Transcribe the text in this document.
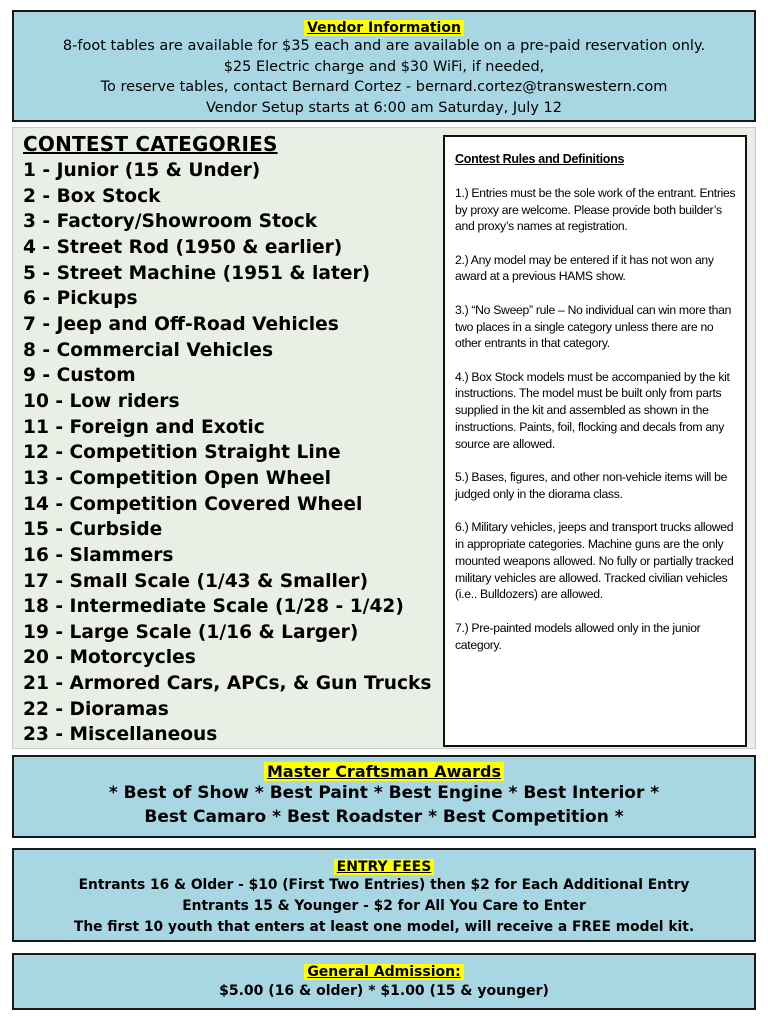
Vendor Information
8-foot tables are available for $35 each and are available on a pre-paid reservation only.
$25 Electric charge and $30 WiFi, if needed,
To reserve tables, contact Bernard Cortez - bernard.cortez@transwestern.com
Vendor Setup starts at 6:00 am Saturday, July 12
CONTEST CATEGORIES
1 - Junior (15 & Under)
2 - Box Stock
3 - Factory/Showroom Stock
4 - Street Rod (1950 & earlier)
5 - Street Machine (1951 & later)
6 - Pickups
7 - Jeep and Off-Road Vehicles
8 - Commercial Vehicles
9 - Custom
10 - Low riders
11 - Foreign and Exotic
12 - Competition Straight Line
13 - Competition Open Wheel
14 - Competition Covered Wheel
15 - Curbside
16 - Slammers
17 - Small Scale (1/43 & Smaller)
18 - Intermediate Scale (1/28 - 1/42)
19 - Large Scale (1/16 & Larger)
20 - Motorcycles
21 - Armored Cars, APCs, & Gun Trucks
22 - Dioramas
23 - Miscellaneous
Contest Rules and Definitions

1.) Entries must be the sole work of the entrant. Entries by proxy are welcome. Please provide both builder’s and proxy’s names at registration.

2.) Any model may be entered if it has not won any award at a previous HAMS show.

3.) “No Sweep” rule – No individual can win more than two places in a single category unless there are no other entrants in that category.

4.) Box Stock models must be accompanied by the kit instructions. The model must be built only from parts supplied in the kit and assembled as shown in the instructions. Paints, foil, flocking and decals from any source are allowed.

5.) Bases, figures, and other non-vehicle items will be judged only in the diorama class.

6.) Military vehicles, jeeps and transport trucks allowed in appropriate categories. Machine guns are the only mounted weapons allowed. No fully or partially tracked military vehicles are allowed. Tracked civilian vehicles (i.e.. Bulldozers) are allowed.

7.) Pre-painted models allowed only in the junior category.

Master Craftsman Awards
* Best of Show * Best Paint * Best Engine * Best Interior *
Best Camaro * Best Roadster * Best Competition *
ENTRY FEES
Entrants 16 & Older - $10 (First Two Entries) then $2 for Each Additional Entry
Entrants 15 & Younger - $2 for All You Care to Enter
The first 10 youth that enters at least one model, will receive a FREE model kit.
General Admission:
$5.00 (16 & older) * $1.00 (15 & younger)
